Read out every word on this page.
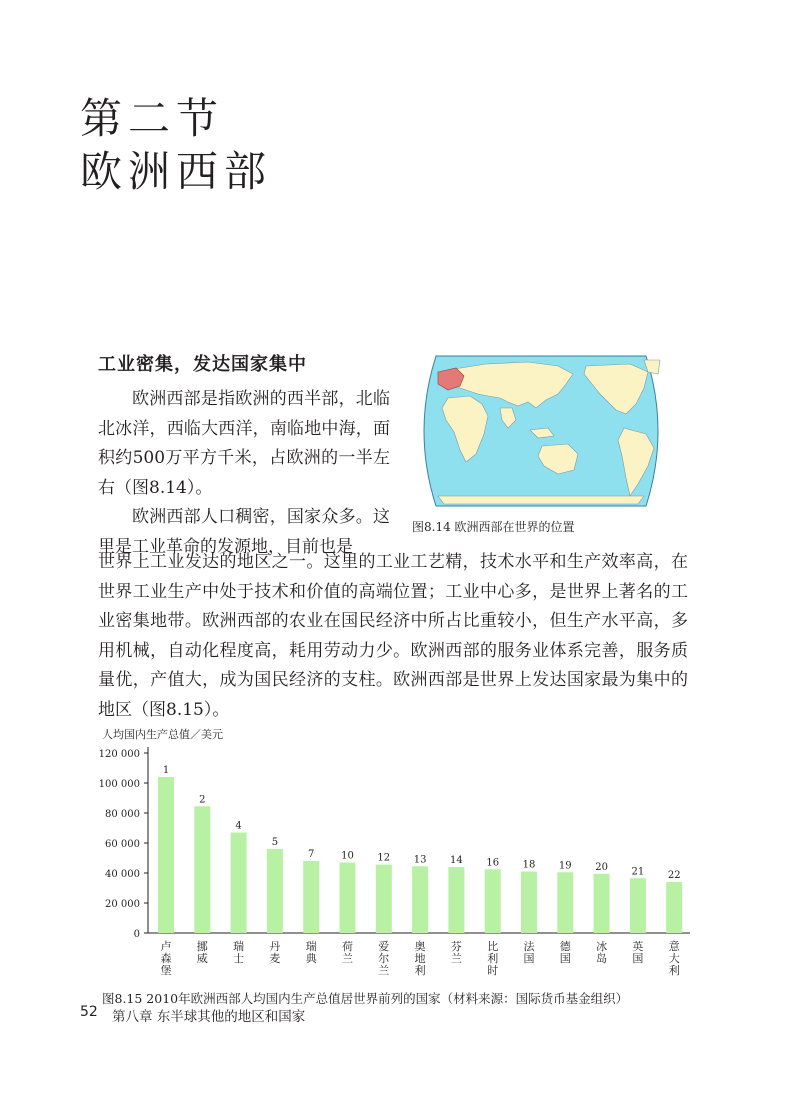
第二节
欧洲西部
工业密集，发达国家集中
欧洲西部是指欧洲的西半部，北临北冰洋，西临大西洋，南临地中海，面积约500万平方千米，占欧洲的一半左右（图8.14）。
欧洲西部人口稠密，国家众多。这里是工业革命的发源地，目前也是
世界上工业发达的地区之一。这里的工业工艺精，技术水平和生产效率高，在世界工业生产中处于技术和价值的高端位置；工业中心多，是世界上著名的工业密集地带。欧洲西部的农业在国民经济中所占比重较小，但生产水平高，多用机械，自动化程度高，耗用劳动力少。欧洲西部的服务业体系完善，服务质量优，产值大，成为国民经济的支柱。欧洲西部是世界上发达国家最为集中的地区（图8.15）。
图8.14 欧洲西部在世界的位置
人均国内生产总值／美元
0
20 000
40 000
60 000
80 000
100 000
120 000
1
卢森堡
2
挪威
4
瑞士
5
丹麦
7
瑞典
10
荷兰
12
爱尔兰
13
奥地利
14
芬兰
16
比利时
18
法国
19
德国
20
冰岛
21
英国
22
意大利
图8.15 2010年欧洲西部人均国内生产总值居世界前列的国家（材料来源：国际货币基金组织）
52 第八章 东半球其他的地区和国家
